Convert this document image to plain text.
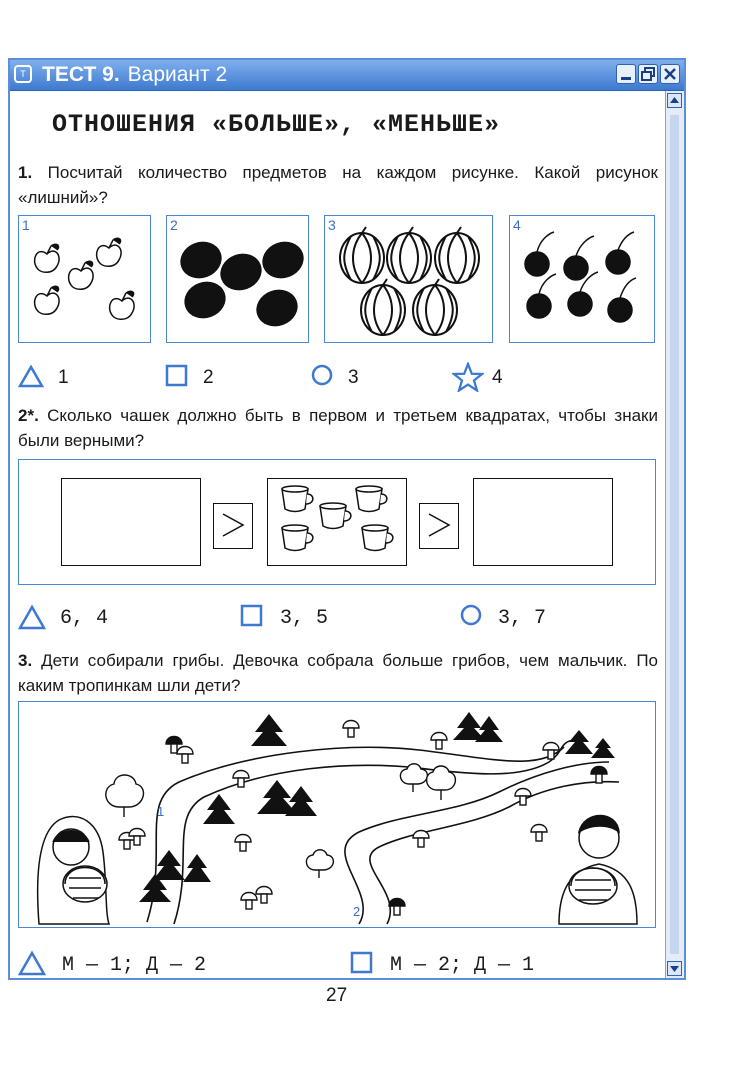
T ТЕСТ 9. Вариант 2
ОТНОШЕНИЯ «БОЛЬШЕ», «МЕНЬШЕ»
1. Посчитай количество предметов на каждом рисунке. Какой рисунок «лишний»?
1	2	3	4
1	2	3	4
2*. Сколько чашек должно быть в первом и третьем квадратах, чтобы знаки были верными?
6, 4	3, 5	3, 7
3. Дети собирали грибы. Девочка собрала больше грибов, чем мальчик. По каким тропинкам шли дети?
1
2
М — 1; Д — 2	М — 2; Д — 1
27
